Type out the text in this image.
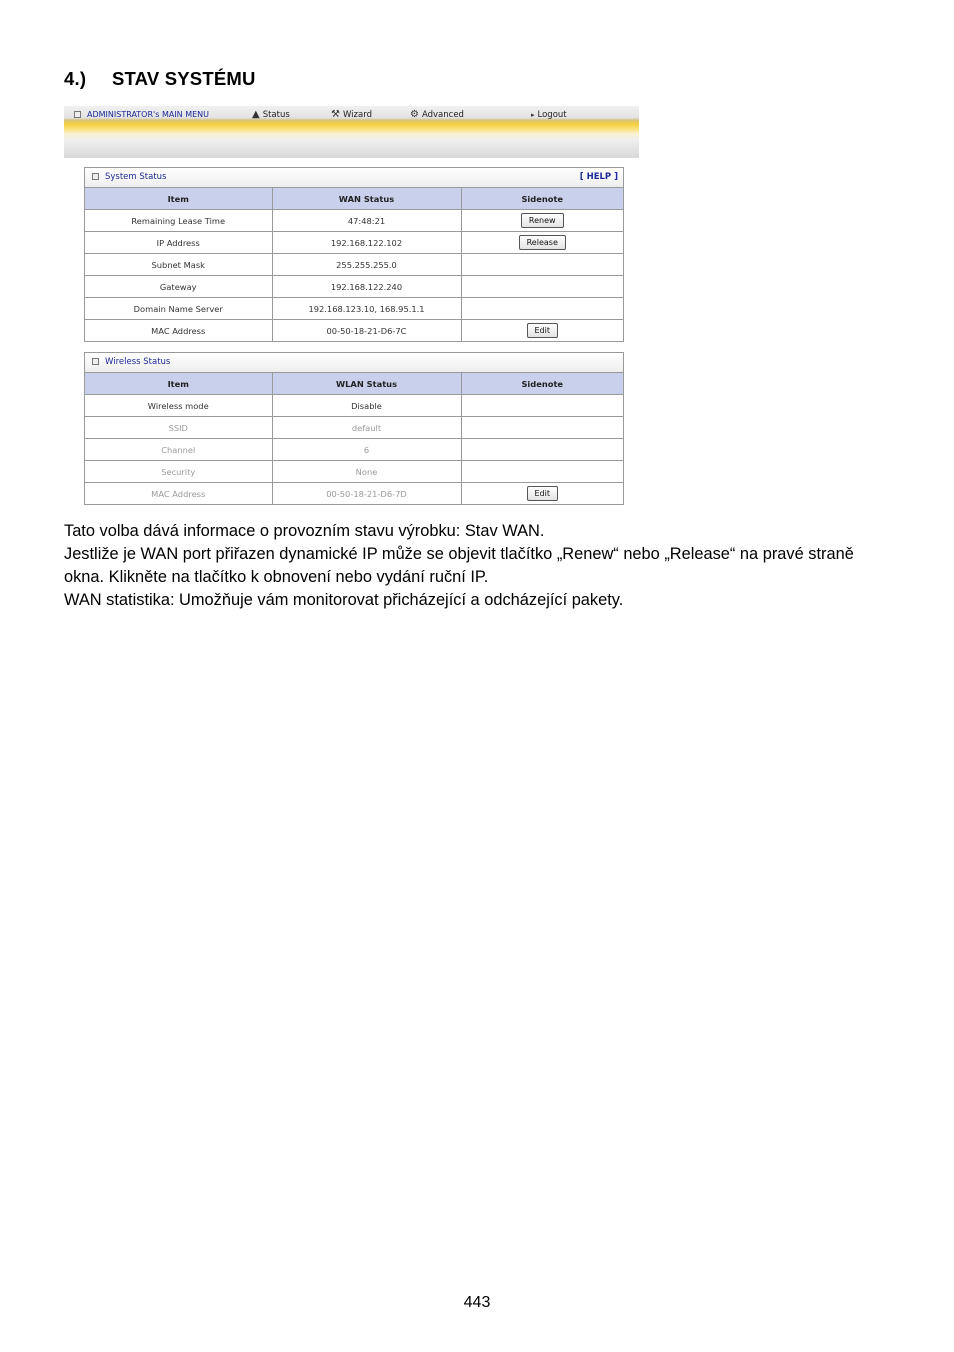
4.) STAV SYSTÉMU
ADMINISTRATOR's MAIN MENU	▲ Status	⚒ Wizard	⚙ Advanced	▸ Logout
System Status	[ HELP ]
Item	WAN Status	Sidenote
Remaining Lease Time	47:48:21	Renew
IP Address	192.168.122.102	Release
Subnet Mask	255.255.255.0	
Gateway	192.168.122.240	
Domain Name Server	192.168.123.10, 168.95.1.1	
MAC Address	00-50-18-21-D6-7C	Edit
Wireless Status
Item	WLAN Status	Sidenote
Wireless mode	Disable	
SSID	default	
Channel	6	
Security	None	
MAC Address	00-50-18-21-D6-7D	Edit

Tato volba dává informace o provozním stavu výrobku: Stav WAN.

Jestliže je WAN port přiřazen dynamické IP může se objevit tlačítko „Renew“ nebo „Release“ na pravé straně okna. Klikněte na tlačítko k obnovení nebo vydání ruční IP.

WAN statistika: Umožňuje vám monitorovat přicházející a odcházející pakety.

443
